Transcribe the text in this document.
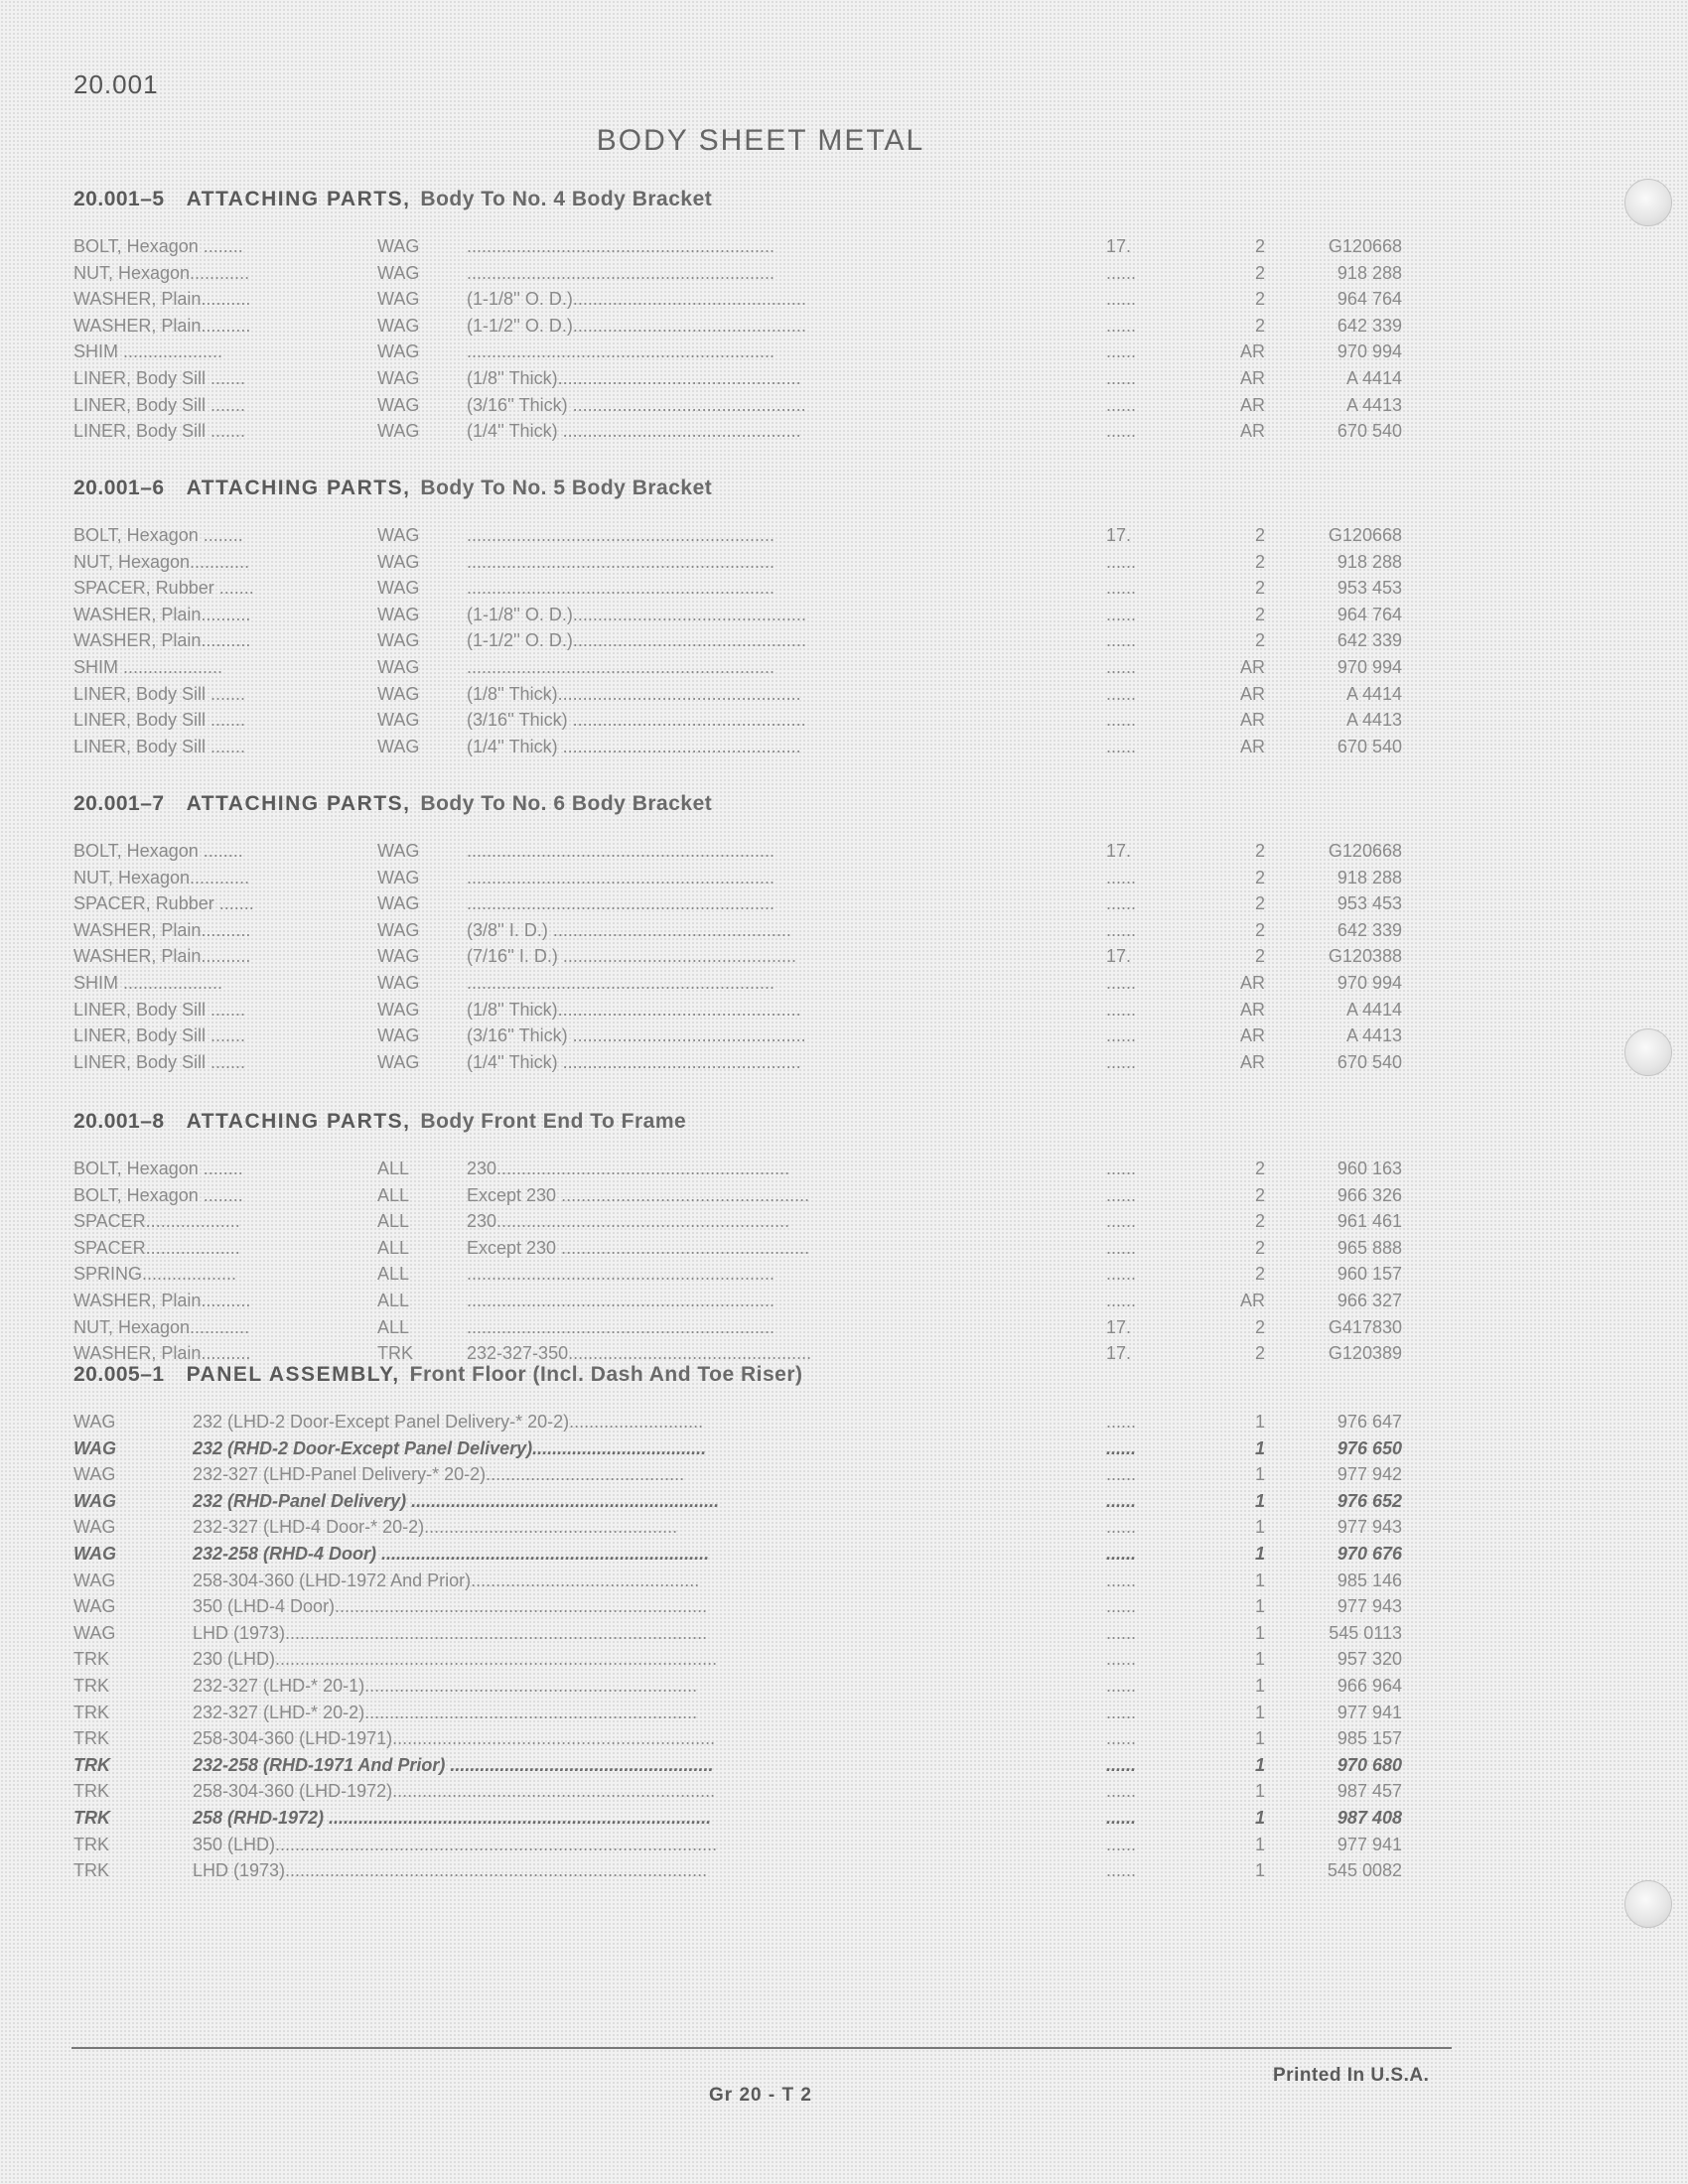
20.001
BODY SHEET METAL
20.001–5 ATTACHING PARTS, Body To No. 4 Body Bracket
BOLT, Hexagon ........	WAG	..............................................................	17.	2	G120668
NUT, Hexagon............	WAG	..............................................................	......	2	918 288
WASHER, Plain..........	WAG	(1-1/8'' O. D.)...............................................	......	2	964 764
WASHER, Plain..........	WAG	(1-1/2'' O. D.)...............................................	......	2	642 339
SHIM ....................	WAG	..............................................................	......	AR	970 994
LINER, Body Sill .......	WAG	(1/8'' Thick).................................................	......	AR	A 4414
LINER, Body Sill .......	WAG	(3/16'' Thick) ...............................................	......	AR	A 4413
LINER, Body Sill .......	WAG	(1/4'' Thick) ................................................	......	AR	670 540
20.001–6 ATTACHING PARTS, Body To No. 5 Body Bracket
BOLT, Hexagon ........	WAG	..............................................................	17.	2	G120668
NUT, Hexagon............	WAG	..............................................................	......	2	918 288
SPACER, Rubber .......	WAG	..............................................................	......	2	953 453
WASHER, Plain..........	WAG	(1-1/8'' O. D.)...............................................	......	2	964 764
WASHER, Plain..........	WAG	(1-1/2'' O. D.)...............................................	......	2	642 339
SHIM ....................	WAG	..............................................................	......	AR	970 994
LINER, Body Sill .......	WAG	(1/8'' Thick).................................................	......	AR	A 4414
LINER, Body Sill .......	WAG	(3/16'' Thick) ...............................................	......	AR	A 4413
LINER, Body Sill .......	WAG	(1/4'' Thick) ................................................	......	AR	670 540
20.001–7 ATTACHING PARTS, Body To No. 6 Body Bracket
BOLT, Hexagon ........	WAG	..............................................................	17.	2	G120668
NUT, Hexagon............	WAG	..............................................................	......	2	918 288
SPACER, Rubber .......	WAG	..............................................................	......	2	953 453
WASHER, Plain..........	WAG	(3/8'' I. D.) ................................................	......	2	642 339
WASHER, Plain..........	WAG	(7/16'' I. D.) ...............................................	17.	2	G120388
SHIM ....................	WAG	..............................................................	......	AR	970 994
LINER, Body Sill .......	WAG	(1/8'' Thick).................................................	......	AR	A 4414
LINER, Body Sill .......	WAG	(3/16'' Thick) ...............................................	......	AR	A 4413
LINER, Body Sill .......	WAG	(1/4'' Thick) ................................................	......	AR	670 540
20.001–8 ATTACHING PARTS, Body Front End To Frame
BOLT, Hexagon ........	ALL	230...........................................................	......	2	960 163
BOLT, Hexagon ........	ALL	Except 230 ..................................................	......	2	966 326
SPACER...................	ALL	230...........................................................	......	2	961 461
SPACER...................	ALL	Except 230 ..................................................	......	2	965 888
SPRING...................	ALL	..............................................................	......	2	960 157
WASHER, Plain..........	ALL	..............................................................	......	AR	966 327
NUT, Hexagon............	ALL	..............................................................	17.	2	G417830
WASHER, Plain..........	TRK	232-327-350.................................................	17.	2	G120389
20.005–1 PANEL ASSEMBLY, Front Floor (Incl. Dash And Toe Riser)
WAG	232 (LHD-2 Door-Except Panel Delivery-* 20-2)...........................	......	1	976 647
WAG	232 (RHD-2 Door-Except Panel Delivery)...................................	......	1	976 650
WAG	232-327 (LHD-Panel Delivery-* 20-2)........................................	......	1	977 942
WAG	232 (RHD-Panel Delivery) ..............................................................	......	1	976 652
WAG	232-327 (LHD-4 Door-* 20-2)...................................................	......	1	977 943
WAG	232-258 (RHD-4 Door) ..................................................................	......	1	970 676
WAG	258-304-360 (LHD-1972 And Prior)..............................................	......	1	985 146
WAG	350 (LHD-4 Door)...........................................................................	......	1	977 943
WAG	LHD (1973).....................................................................................	......	1	545 0113
TRK	230 (LHD).........................................................................................	......	1	957 320
TRK	232-327 (LHD-* 20-1)...................................................................	......	1	966 964
TRK	232-327 (LHD-* 20-2)...................................................................	......	1	977 941
TRK	258-304-360 (LHD-1971).................................................................	......	1	985 157
TRK	232-258 (RHD-1971 And Prior) .....................................................	......	1	970 680
TRK	258-304-360 (LHD-1972).................................................................	......	1	987 457
TRK	258 (RHD-1972) .............................................................................	......	1	987 408
TRK	350 (LHD).........................................................................................	......	1	977 941
TRK	LHD (1973).....................................................................................	......	1	545 0082
Printed In U.S.A.
Gr 20 - T 2
